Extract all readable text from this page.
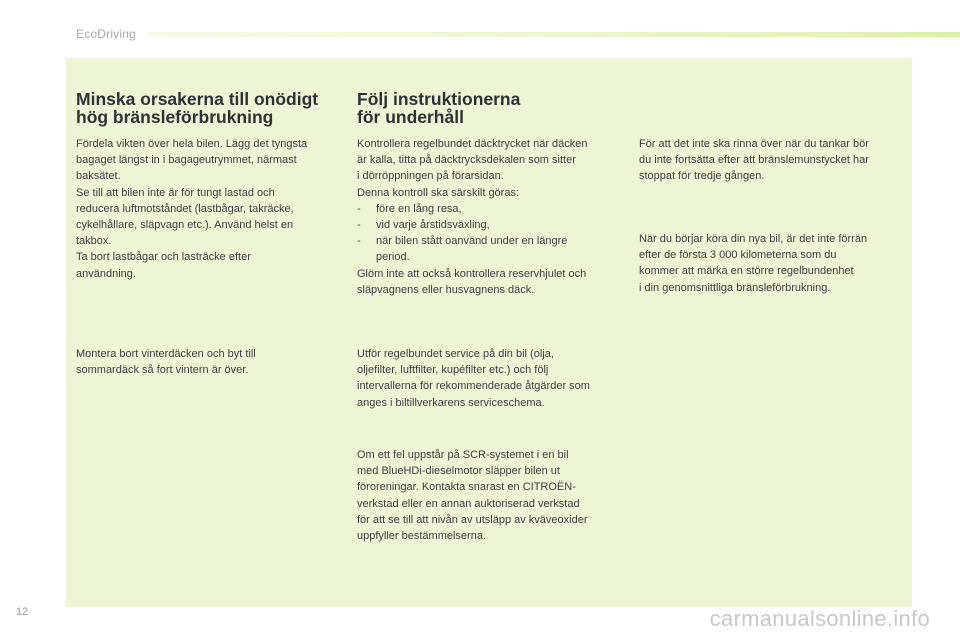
EcoDriving
Minska orsakerna till onödigt
hög bränsleförbrukning

Fördela vikten över hela bilen. Lägg det tyngsta
bagaget längst in i bagageutrymmet, närmast
baksätet.
Se till att bilen inte är för tungt lastad och
reducera luftmotståndet (lastbågar, takräcke,
cykelhållare, släpvagn etc.). Använd helst en
takbox.
Ta bort lastbågar och lasträcke efter
användning.

Montera bort vinterdäcken och byt till
sommardäck så fort vintern är över.

Följ instruktionerna
för underhåll

Kontrollera regelbundet däcktrycket när däcken
är kalla, titta på däcktrycksdekalen som sitter
i dörröppningen på förarsidan.
Denna kontroll ska särskilt göras:

- före en lång resa,
- vid varje årstidsväxling,
- när bilen stått oanvänd under en längre
period.

Glöm inte att också kontrollera reservhjulet och
släpvagnens eller husvagnens däck.

Utför regelbundet service på din bil (olja,
oljefilter, luftfilter, kupéfilter etc.) och följ
intervallerna för rekommenderade åtgärder som
anges i biltillverkarens serviceschema.

Om ett fel uppstår på SCR-systemet i en bil
med BlueHDi-dieselmotor släpper bilen ut
föroreningar. Kontakta snarast en CITROËN-
verkstad eller en annan auktoriserad verkstad
för att se till att nivån av utsläpp av kväveoxider
uppfyller bestämmelserna.

För att det inte ska rinna över när du tankar bör
du inte fortsätta efter att bränslemunstycket har
stoppat för tredje gången.

När du börjar köra din nya bil, är det inte förrän
efter de första 3 000 kilometerna som du
kommer att märka en större regelbundenhet
i din genomsnittliga bränsleförbrukning.

12	carmanualsonline.info
